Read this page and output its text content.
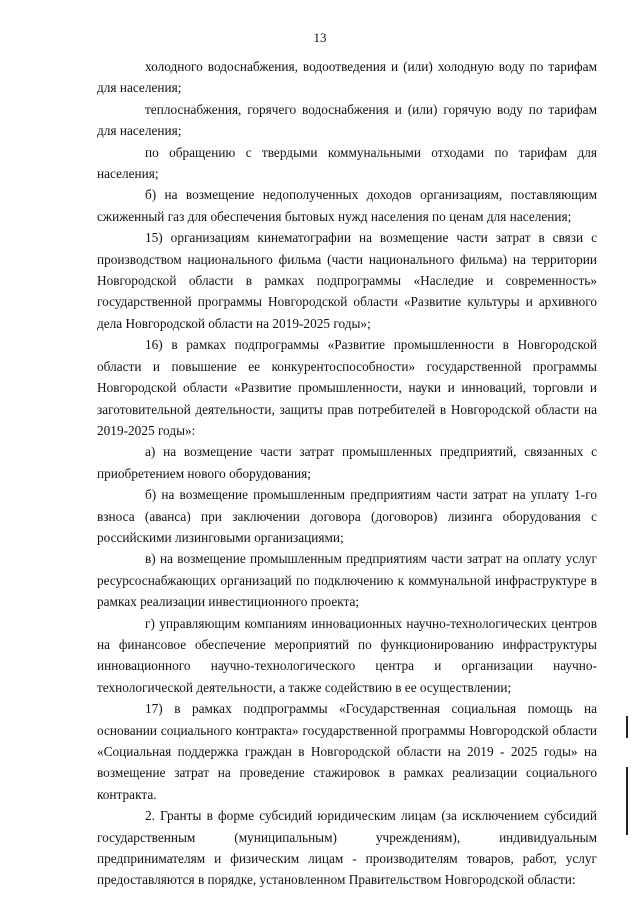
13

холодного водоснабжения, водоотведения и (или) холодную воду по тарифам для населения;

теплоснабжения, горячего водоснабжения и (или) горячую воду по тарифам для населения;

по обращению с твердыми коммунальными отходами по тарифам для населения;

б) на возмещение недополученных доходов организациям, поставляющим сжиженный газ для обеспечения бытовых нужд населения по ценам для населения;

15) организациям кинематографии на возмещение части затрат в связи с производством национального фильма (части национального фильма) на территории Новгородской области в рамках подпрограммы «Наследие и современность» государственной программы Новгородской области «Развитие культуры и архивного дела Новгородской области на 2019-2025 годы»;

16) в рамках подпрограммы «Развитие промышленности в Новгородской области и повышение ее конкурентоспособности» государственной программы Новгородской области «Развитие промышленности, науки и инноваций, торговли и заготовительной деятельности, защиты прав потребителей в Новгородской области на 2019-2025 годы»:

а) на возмещение части затрат промышленных предприятий, связанных с приобретением нового оборудования;

б) на возмещение промышленным предприятиям части затрат на уплату 1-го взноса (аванса) при заключении договора (договоров) лизинга оборудования с российскими лизинговыми организациями;

в) на возмещение промышленным предприятиям части затрат на оплату услуг ресурсоснабжающих организаций по подключению к коммунальной инфраструктуре в рамках реализации инвестиционного проекта;

г) управляющим компаниям инновационных научно-технологических центров на финансовое обеспечение мероприятий по функционированию инфраструктуры инновационного научно-технологического центра и организации научно-технологической деятельности, а также содействию в ее осуществлении;

17) в рамках подпрограммы «Государственная социальная помощь на основании социального контракта» государственной программы Новгородской области «Социальная поддержка граждан в Новгородской области на 2019 - 2025 годы» на возмещение затрат на проведение стажировок в рамках реализации социального контракта.

2. Гранты в форме субсидий юридическим лицам (за исключением субсидий государственным (муниципальным) учреждениям), индивидуальным предпринимателям и физическим лицам - производителям товаров, работ, услуг предоставляются в порядке, установленном Правительством Новгородской области:
